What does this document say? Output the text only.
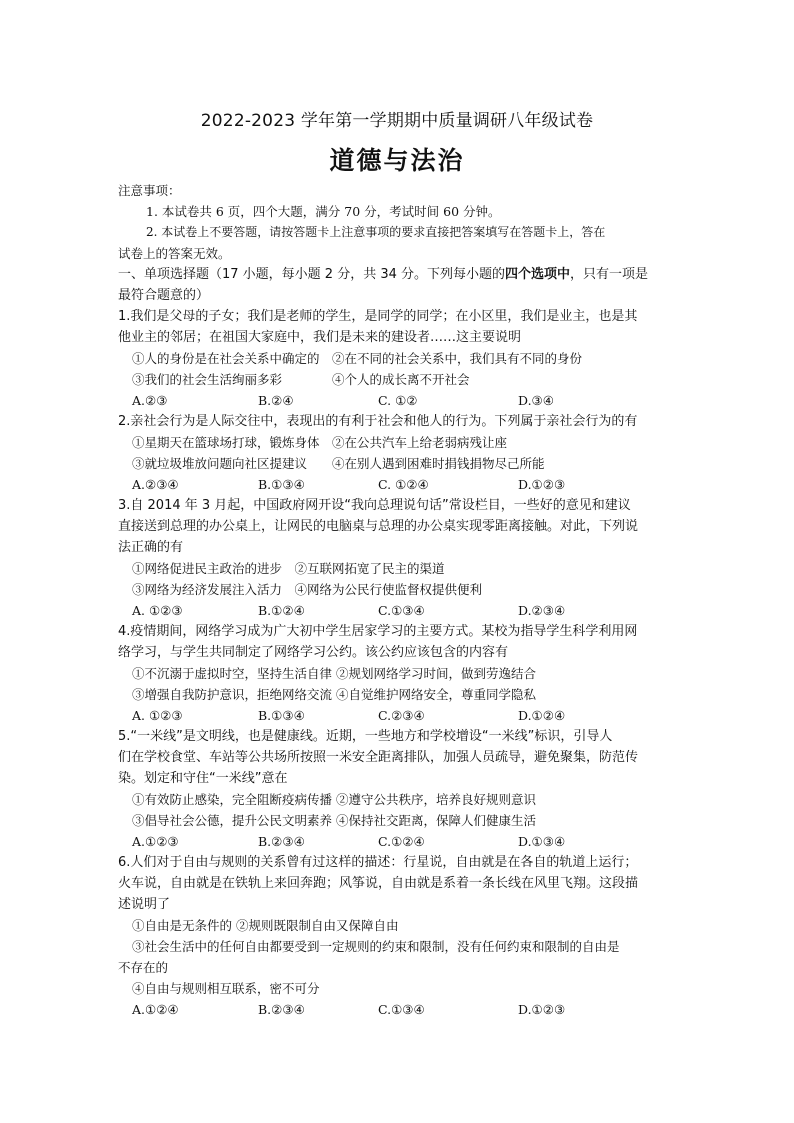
2022-2023 学年第一学期期中质量调研八年级试卷
道德与法治
注意事项：
1. 本试卷共 6 页，四个大题，满分 70 分，考试时间 60 分钟。
2. 本试卷上不要答题，请按答题卡上注意事项的要求直接把答案填写在答题卡上，答在
试卷上的答案无效。
一、单项选择题（17 小题，每小题 2 分，共 34 分。下列每小题的四个选项中，只有一项是
最符合题意的）
1.我们是父母的子女；我们是老师的学生，是同学的同学；在小区里，我们是业主，也是其
他业主的邻居；在祖国大家庭中，我们是未来的建设者……这主要说明
①人的身份是在社会关系中确定的　②在不同的社会关系中，我们具有不同的身份
③我们的社会生活绚丽多彩　　　　④个人的成长离不开社会
A.②③	B.②④	C. ①②	D.③④
2.亲社会行为是人际交往中，表现出的有利于社会和他人的行为。下列属于亲社会行为的有
①星期天在篮球场打球，锻炼身体　②在公共汽车上给老弱病残让座
③就垃圾堆放问题向社区提建议　　④在别人遇到困难时捐钱捐物尽己所能
A.②③④	B.①③④	C. ①②④	D.①②③
3.自 2014 年 3 月起，中国政府网开设“我向总理说句话”常设栏目，一些好的意见和建议
直接送到总理的办公桌上，让网民的电脑桌与总理的办公桌实现零距离接触。对此，下列说
法正确的有
①网络促进民主政治的进步　②互联网拓宽了民主的渠道
③网络为经济发展注入活力　④网络为公民行使监督权提供便利
A. ①②③	B.①②④	C.①③④	D.②③④
4.疫情期间，网络学习成为广大初中学生居家学习的主要方式。某校为指导学生科学利用网
络学习，与学生共同制定了网络学习公约。该公约应该包含的内容有
①不沉溺于虚拟时空，坚持生活自律 ②规划网络学习时间，做到劳逸结合
③增强自我防护意识，拒绝网络交流 ④自觉维护网络安全，尊重同学隐私
A. ①②③	B.①③④	C.②③④	D.①②④
5.“一米线”是文明线，也是健康线。近期，一些地方和学校增设“一米线”标识，引导人
们在学校食堂、车站等公共场所按照一米安全距离排队，加强人员疏导，避免聚集，防范传
染。划定和守住“一米线”意在
①有效防止感染，完全阻断疫病传播 ②遵守公共秩序，培养良好规则意识
③倡导社会公德，提升公民文明素养 ④保持社交距离，保障人们健康生活
A.①②③	B.②③④	C.①②④	D.①③④
6.人们对于自由与规则的关系曾有过这样的描述：行星说，自由就是在各自的轨道上运行；
火车说，自由就是在铁轨上来回奔跑；风筝说，自由就是系着一条长线在风里飞翔。这段描
述说明了
①自由是无条件的 ②规则既限制自由又保障自由
③社会生活中的任何自由都要受到一定规则的约束和限制，没有任何约束和限制的自由是
不存在的
④自由与规则相互联系，密不可分
A.①②④	B.②③④	C.①③④	D.①②③
